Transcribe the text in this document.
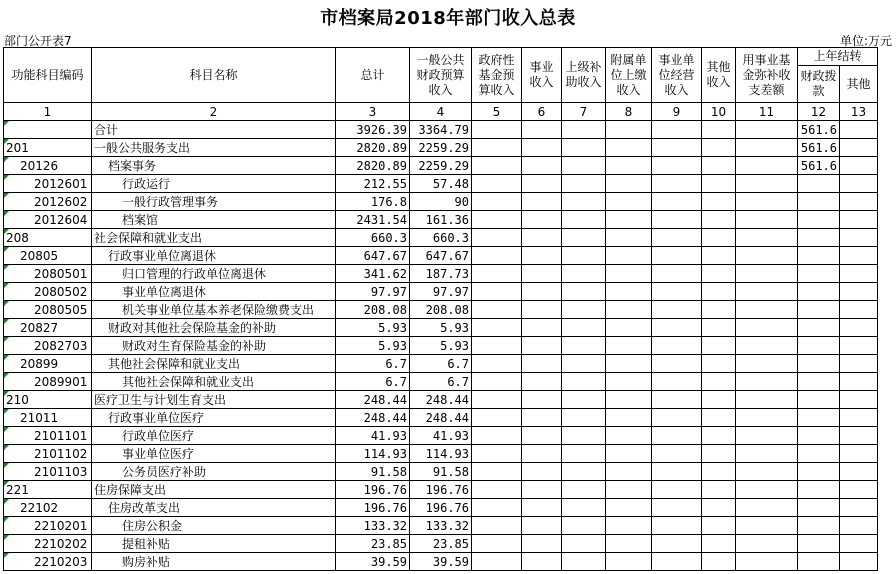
市档案局2018年部门收入总表
部门公开表7	单位:万元
功能科目编码	科目名称	总计	一般公共财政预算收入	政府性基金预算收入	事业收入	上级补助收入	附属单位上缴收入	事业单位经营收入	其他收入	用事业基金弥补收支差额	上年结转	
											财政拨款	其他
1	2	3	4	5	6	7	8	9	10	11	12	13
	合计	3926.39	3364.79								561.6	
201	一般公共服务支出	2820.89	2259.29								561.6	
20126	档案事务	2820.89	2259.29								561.6	
2012601	行政运行	212.55	57.48									
2012602	一般行政管理事务	176.8	90									
2012604	档案馆	2431.54	161.36									
208	社会保障和就业支出	660.3	660.3									
20805	行政事业单位离退休	647.67	647.67									
2080501	归口管理的行政单位离退休	341.62	187.73									
2080502	事业单位离退休	97.97	97.97									
2080505	机关事业单位基本养老保险缴费支出	208.08	208.08									
20827	财政对其他社会保险基金的补助	5.93	5.93									
2082703	财政对生育保险基金的补助	5.93	5.93									
20899	其他社会保障和就业支出	6.7	6.7									
2089901	其他社会保障和就业支出	6.7	6.7									
210	医疗卫生与计划生育支出	248.44	248.44									
21011	行政事业单位医疗	248.44	248.44									
2101101	行政单位医疗	41.93	41.93									
2101102	事业单位医疗	114.93	114.93									
2101103	公务员医疗补助	91.58	91.58									
221	住房保障支出	196.76	196.76									
22102	住房改革支出	196.76	196.76									
2210201	住房公积金	133.32	133.32									
2210202	提租补贴	23.85	23.85									
2210203	购房补贴	39.59	39.59									
